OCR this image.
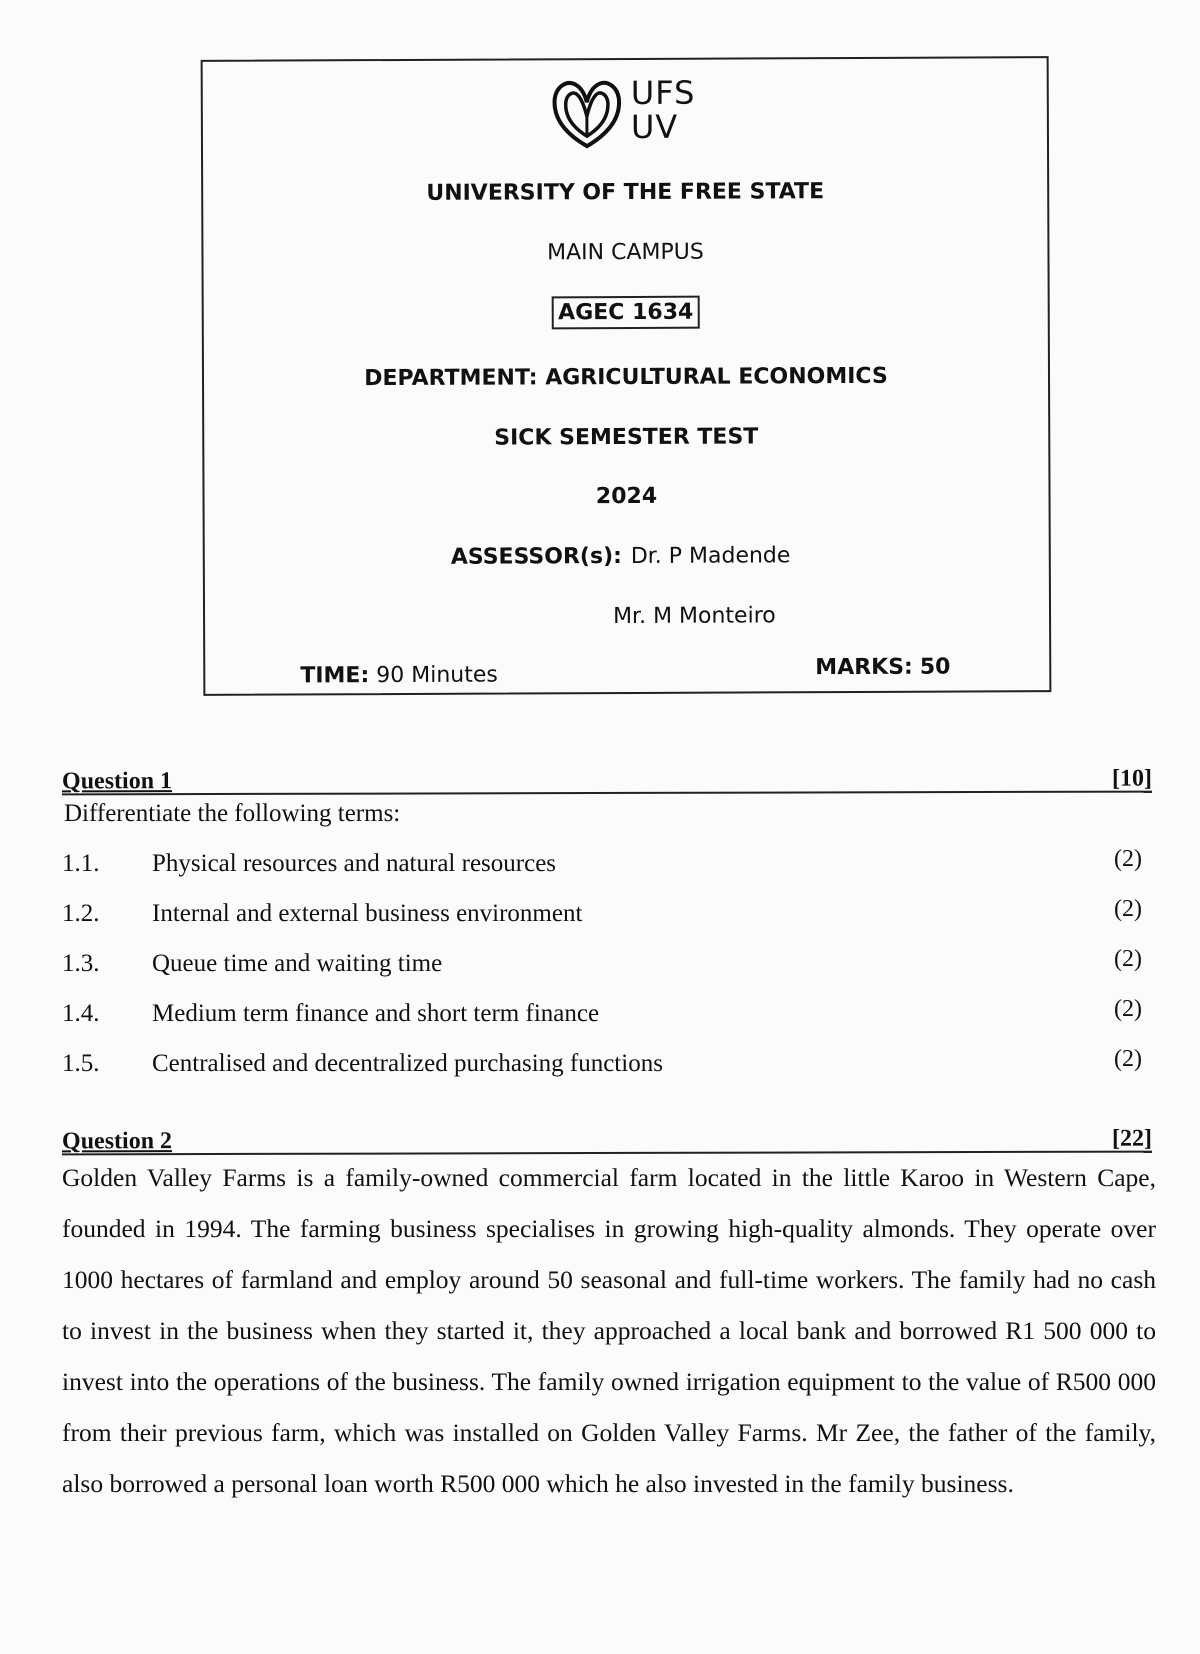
UFS
UV
UNIVERSITY OF THE FREE STATE
MAIN CAMPUS
AGEC 1634
DEPARTMENT: AGRICULTURAL ECONOMICS
SICK SEMESTER TEST
2024
ASSESSOR(s): Dr. P Madende
Mr. M Monteiro
TIME: 90 Minutes	MARKS: 50
Question 1	[10]
Differentiate the following terms:
1.1. Physical resources and natural resources	(2)
1.2. Internal and external business environment	(2)
1.3. Queue time and waiting time	(2)
1.4. Medium term finance and short term finance	(2)
1.5. Centralised and decentralized purchasing functions	(2)
Question 2	[22]
Golden Valley Farms is a family-owned commercial farm located in the little Karoo in Western Cape, founded in 1994. The farming business specialises in growing high-quality almonds. They operate over 1000 hectares of farmland and employ around 50 seasonal and full-time workers. The family had no cash to invest in the business when they started it, they approached a local bank and borrowed R1 500 000 to invest into the operations of the business. The family owned irrigation equipment to the value of R500 000 from their previous farm, which was installed on Golden Valley Farms. Mr Zee, the father of the family, also borrowed a personal loan worth R500 000 which he also invested in the family business.
